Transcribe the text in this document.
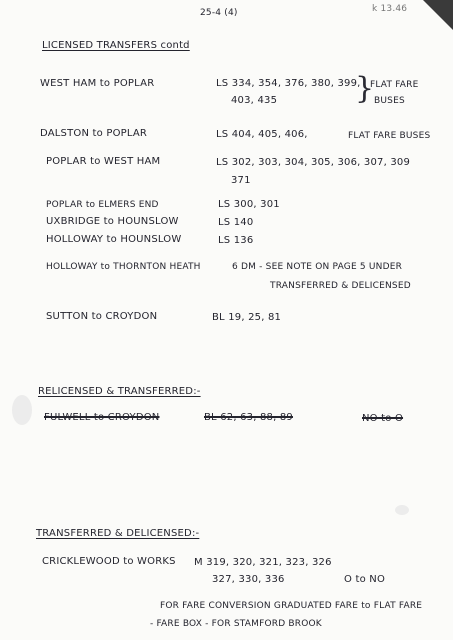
25-4 (4)	k 13.46
LICENSED TRANSFERS contd
WEST HAM to POPLAR	LS 334, 354, 376, 380, 399,
403, 435	}
FLAT FARE
BUSES
DALSTON to POPLAR	LS 404, 405, 406,	FLAT FARE BUSES
POPLAR to WEST HAM	LS 302, 303, 304, 305, 306, 307, 309
371
POPLAR to ELMERS END	LS 300, 301
UXBRIDGE to HOUNSLOW	LS 140
HOLLOWAY to HOUNSLOW	LS 136
HOLLOWAY to THORNTON HEATH	6 DM - SEE NOTE ON PAGE 5 UNDER
TRANSFERRED & DELICENSED
SUTTON to CROYDON	BL 19, 25, 81
RELICENSED & TRANSFERRED:-
FULWELL to CROYDON	BL 62, 63, 88, 89	NO to O
TRANSFERRED & DELICENSED:-
CRICKLEWOOD to WORKS M 319, 320, 321, 323, 326
327, 330, 336	O to NO
FOR FARE CONVERSION GRADUATED FARE to FLAT FARE
- FARE BOX - FOR STAMFORD BROOK
